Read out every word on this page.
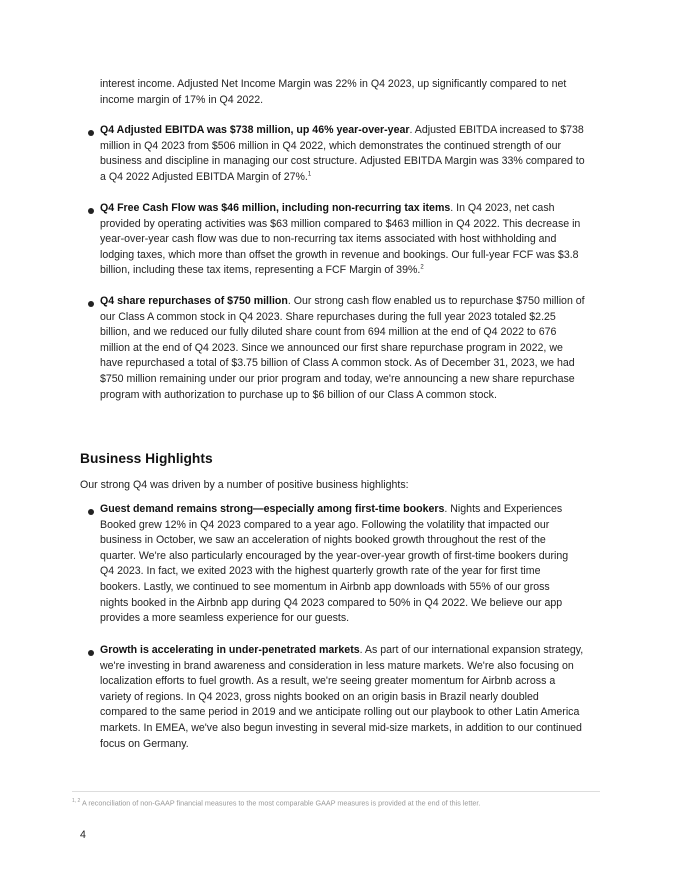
interest income. Adjusted Net Income Margin was 22% in Q4 2023, up significantly compared to net income margin of 17% in Q4 2022.

Q4 Adjusted EBITDA was $738 million, up 46% year-over-year. Adjusted EBITDA increased to $738 million in Q4 2023 from $506 million in Q4 2022, which demonstrates the continued strength of our business and discipline in managing our cost structure. Adjusted EBITDA Margin was 33% compared to a Q4 2022 Adjusted EBITDA Margin of 27%.$^1$

Q4 Free Cash Flow was $46 million, including non-recurring tax items. In Q4 2023, net cash provided by operating activities was $63 million compared to $463 million in Q4 2022. This decrease in year-over-year cash flow was due to non-recurring tax items associated with host withholding and lodging taxes, which more than offset the growth in revenue and bookings. Our full-year FCF was $3.8 billion, including these tax items, representing a FCF Margin of 39%.$^2$

Q4 share repurchases of $750 million. Our strong cash flow enabled us to repurchase $750 million of our Class A common stock in Q4 2023. Share repurchases during the full year 2023 totaled $2.25 billion, and we reduced our fully diluted share count from 694 million at the end of Q4 2022 to 676 million at the end of Q4 2023. Since we announced our first share repurchase program in 2022, we have repurchased a total of $3.75 billion of Class A common stock. As of December 31, 2023, we had $750 million remaining under our prior program and today, we're announcing a new share repurchase program with authorization to purchase up to $6 billion of our Class A common stock.

Business Highlights

Our strong Q4 was driven by a number of positive business highlights:

Guest demand remains strong—especially among first-time bookers. Nights and Experiences Booked grew 12% in Q4 2023 compared to a year ago. Following the volatility that impacted our business in October, we saw an acceleration of nights booked growth throughout the rest of the quarter. We're also particularly encouraged by the year-over-year growth of first-time bookers during Q4 2023. In fact, we exited 2023 with the highest quarterly growth rate of the year for first time bookers. Lastly, we continued to see momentum in Airbnb app downloads with 55% of our gross nights booked in the Airbnb app during Q4 2023 compared to 50% in Q4 2022. We believe our app provides a more seamless experience for our guests.

Growth is accelerating in under-penetrated markets. As part of our international expansion strategy, we're investing in brand awareness and consideration in less mature markets. We're also focusing on localization efforts to fuel growth. As a result, we're seeing greater momentum for Airbnb across a variety of regions. In Q4 2023, gross nights booked on an origin basis in Brazil nearly doubled compared to the same period in 2019 and we anticipate rolling out our playbook to other Latin America markets. In EMEA, we've also begun investing in several mid-size markets, in addition to our continued focus on Germany.

$^{1, 2}$ A reconciliation of non-GAAP financial measures to the most comparable GAAP measures is provided at the end of this letter.

4
